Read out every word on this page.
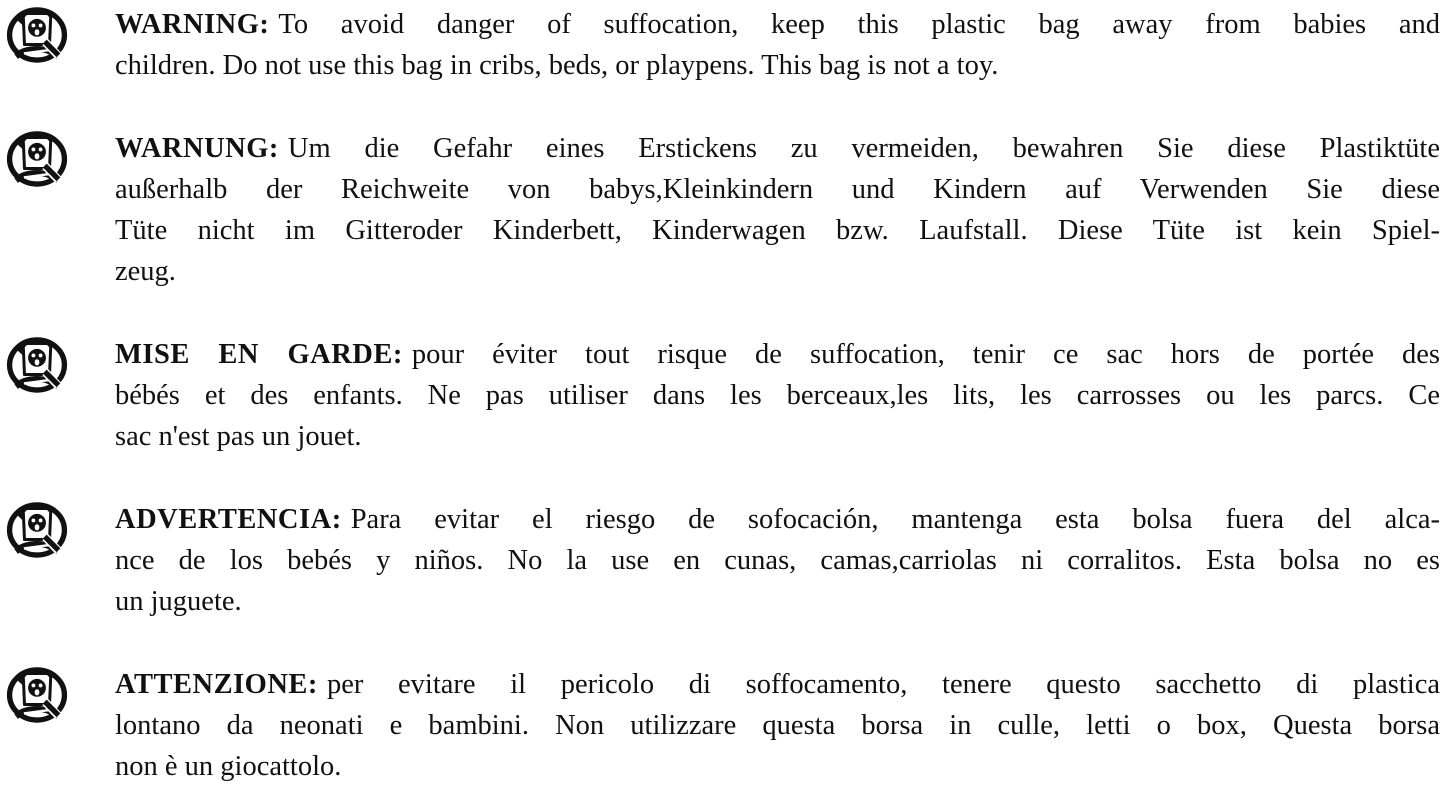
WARNING: To avoid danger of suffocation, keep this plastic bag away from babies and
children. Do not use this bag in cribs, beds, or playpens. This bag is not a toy.
WARNUNG: Um die Gefahr eines Erstickens zu vermeiden, bewahren Sie diese Plastiktüte
außerhalb der Reichweite von babys,Kleinkindern und Kindern auf Verwenden Sie diese
Tüte nicht im Gitteroder Kinderbett, Kinderwagen bzw. Laufstall. Diese Tüte ist kein Spiel-
zeug.
MISE EN GARDE: pour éviter tout risque de suffocation, tenir ce sac hors de portée des
bébés et des enfants. Ne pas utiliser dans les berceaux,les lits, les carrosses ou les parcs. Ce
sac n'est pas un jouet.
ADVERTENCIA: Para evitar el riesgo de sofocación, mantenga esta bolsa fuera del alca-
nce de los bebés y niños. No la use en cunas, camas,carriolas ni corralitos. Esta bolsa no es
un juguete.
ATTENZIONE: per evitare il pericolo di soffocamento, tenere questo sacchetto di plastica
lontano da neonati e bambini. Non utilizzare questa borsa in culle, letti o box, Questa borsa
non è un giocattolo.
